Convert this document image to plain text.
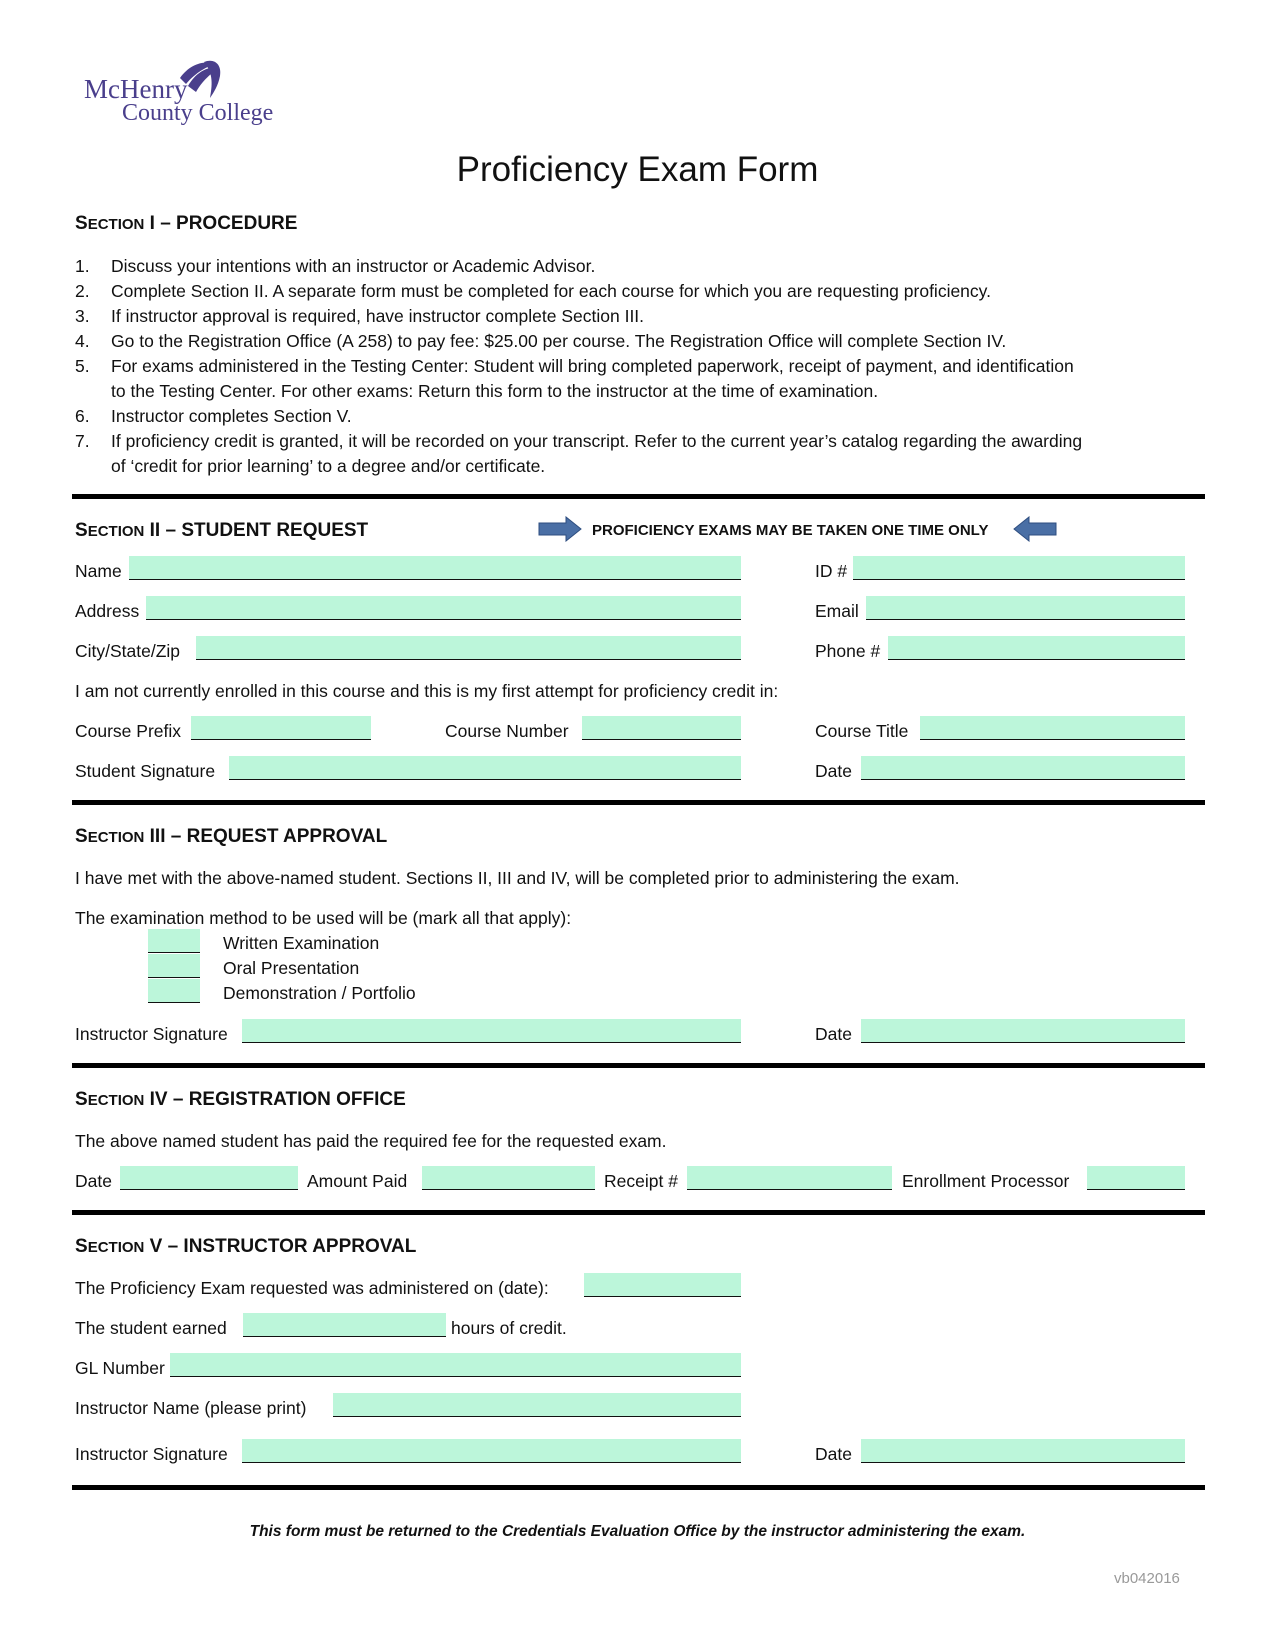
McHenry
County College
Proficiency Exam Form
SECTION I – PROCEDURE
1. Discuss your intentions with an instructor or Academic Advisor.
2. Complete Section II. A separate form must be completed for each course for which you are requesting proficiency.
3. If instructor approval is required, have instructor complete Section III.
4. Go to the Registration Office (A 258) to pay fee: $25.00 per course. The Registration Office will complete Section IV.
5. For exams administered in the Testing Center: Student will bring completed paperwork, receipt of payment, and identification
to the Testing Center. For other exams: Return this form to the instructor at the time of examination.
6. Instructor completes Section V.
7. If proficiency credit is granted, it will be recorded on your transcript. Refer to the current year’s catalog regarding the awarding
of ‘credit for prior learning’ to a degree and/or certificate.
SECTION II – STUDENT REQUEST	PROFICIENCY EXAMS MAY BE TAKEN ONE TIME ONLY
Name	ID #
Address	Email
City/State/Zip	Phone #
I am not currently enrolled in this course and this is my first attempt for proficiency credit in:
Course Prefix	Course Number	Course Title
Student Signature	Date
SECTION III – REQUEST APPROVAL
I have met with the above-named student. Sections II, III and IV, will be completed prior to administering the exam.
The examination method to be used will be (mark all that apply):
Written Examination
Oral Presentation
Demonstration / Portfolio
Instructor Signature	Date
SECTION IV – REGISTRATION OFFICE
The above named student has paid the required fee for the requested exam.
Date	Amount Paid	Receipt #	Enrollment Processor
SECTION V – INSTRUCTOR APPROVAL
The Proficiency Exam requested was administered on (date):
The student earned	hours of credit.
GL Number
Instructor Name (please print)
Instructor Signature	Date
This form must be returned to the Credentials Evaluation Office by the instructor administering the exam.
vb042016
